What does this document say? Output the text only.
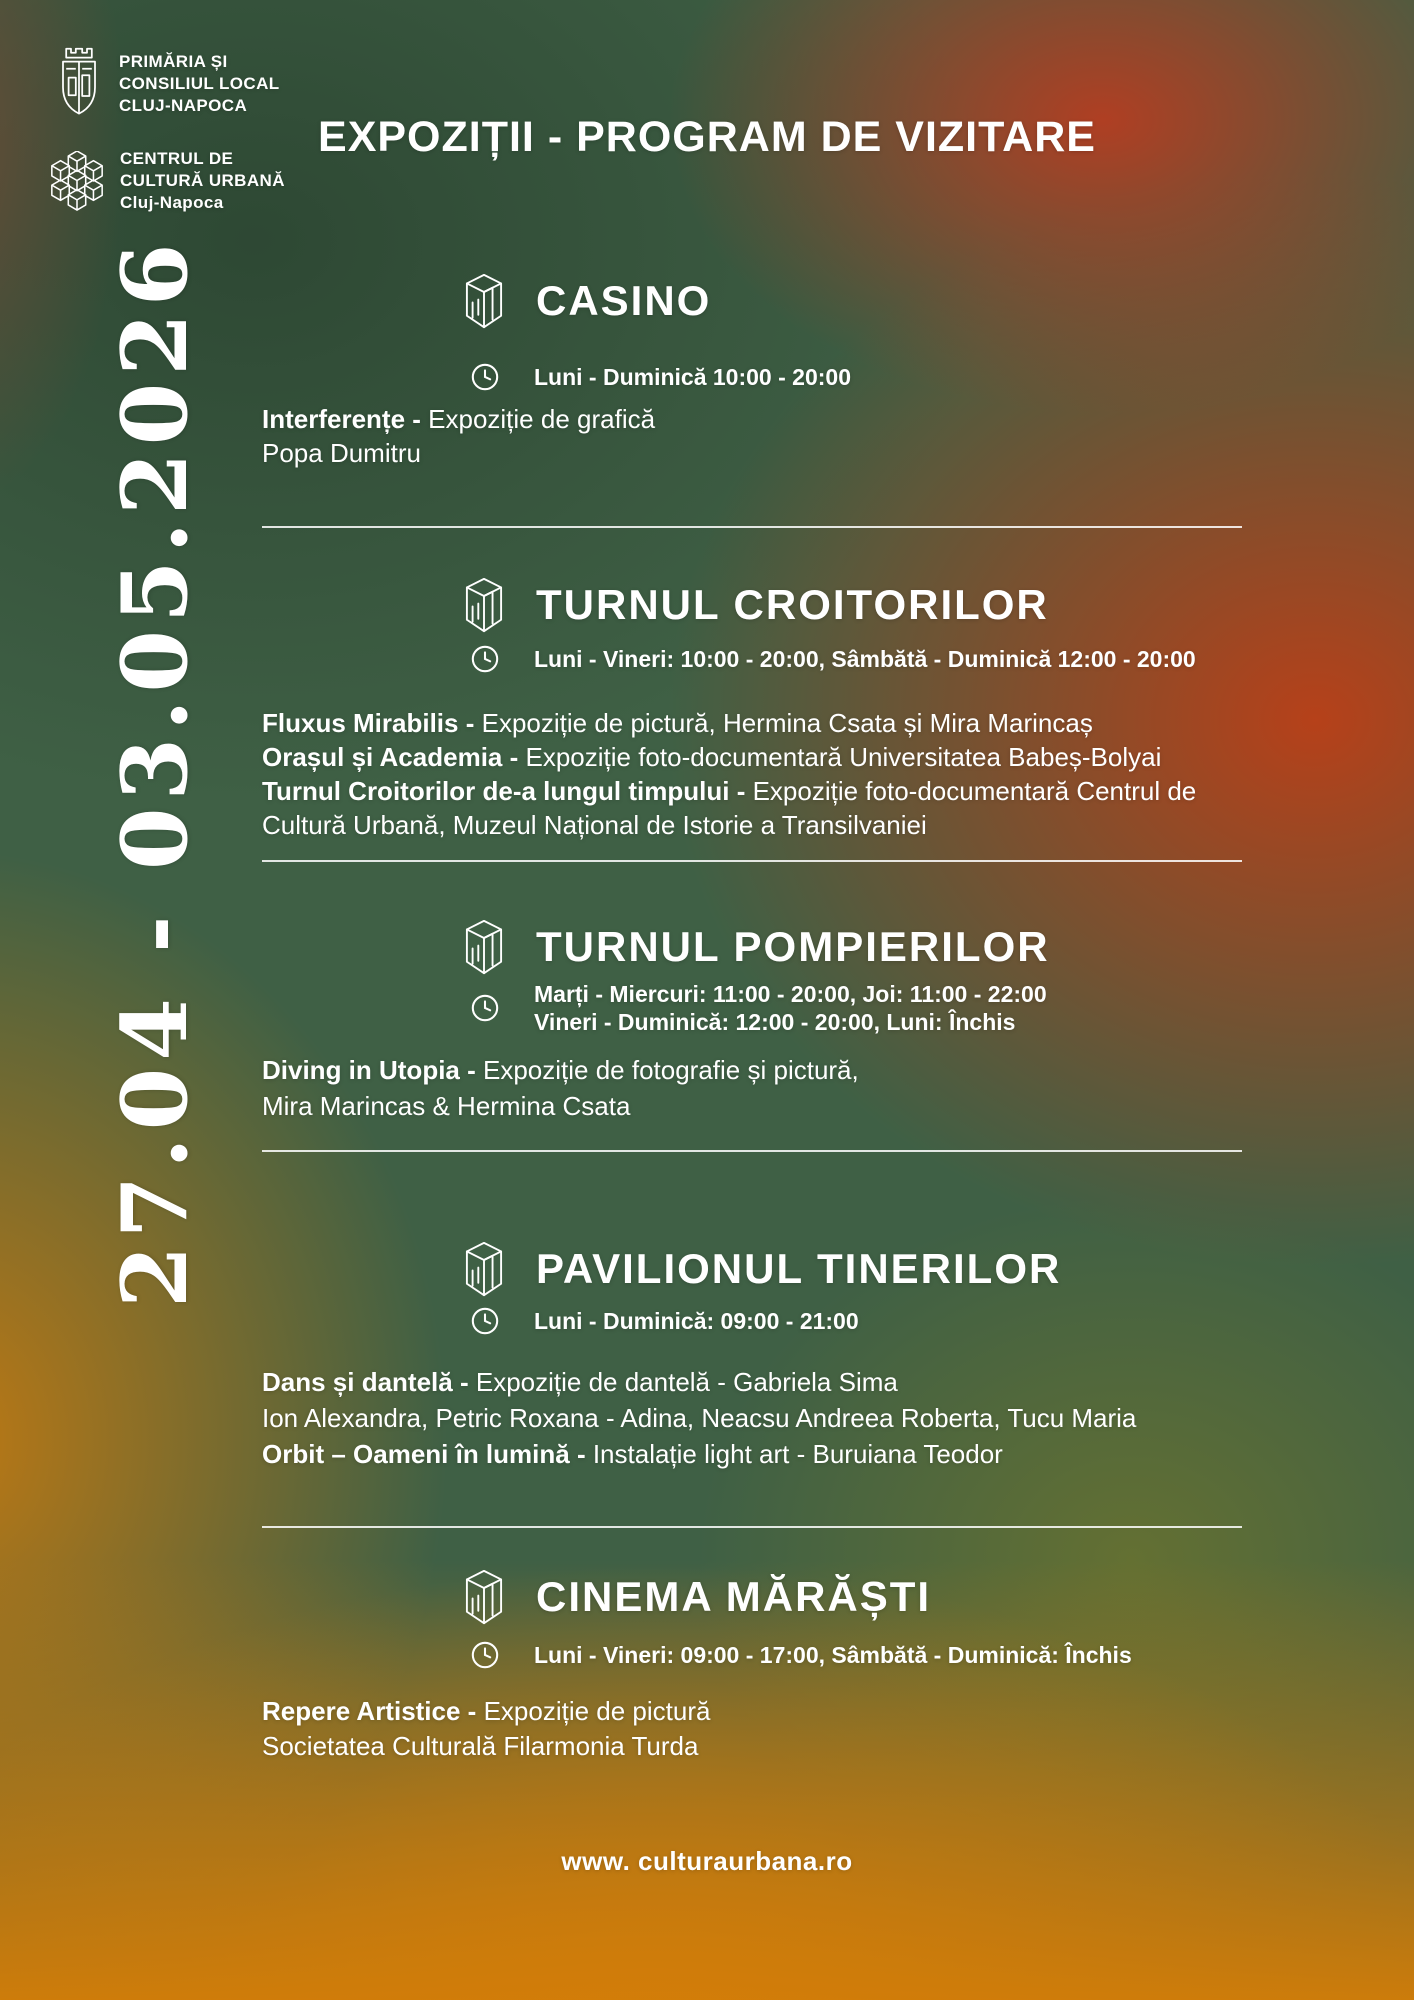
PRIMĂRIA ȘI
CONSILIUL LOCAL
CLUJ-NAPOCA
CENTRUL DE
CULTURĂ URBANĂ
Cluj-Napoca
EXPOZIȚII - PROGRAM DE VIZITARE
27.04 - 03.05.2026	CASINO
Luni - Duminică 10:00 - 20:00

Interferențe - Expoziție de grafică

Popa Dumitru

TURNUL CROITORILOR
Luni - Vineri: 10:00 - 20:00, Sâmbătă - Duminică 12:00 - 20:00

Fluxus Mirabilis - Expoziție de pictură, Hermina Csata și Mira Marincaș

Orașul și Academia - Expoziție foto-documentară Universitatea Babeș-Bolyai

Turnul Croitorilor de-a lungul timpului - Expoziție foto-documentară Centrul de

Cultură Urbană, Muzeul Național de Istorie a Transilvaniei

TURNUL POMPIERILOR
Marți - Miercuri: 11:00 - 20:00, Joi: 11:00 - 22:00
Vineri - Duminică: 12:00 - 20:00, Luni: Închis

Diving in Utopia - Expoziție de fotografie și pictură,

Mira Marincas & Hermina Csata

PAVILIONUL TINERILOR
Luni - Duminică: 09:00 - 21:00

Dans și dantelă - Expoziție de dantelă - Gabriela Sima

Ion Alexandra, Petric Roxana - Adina, Neacsu Andreea Roberta, Tucu Maria

Orbit – Oameni în lumină - Instalație light art - Buruiana Teodor

CINEMA MĂRĂȘTI
Luni - Vineri: 09:00 - 17:00, Sâmbătă - Duminică: Închis

Repere Artistice - Expoziție de pictură

Societatea Culturală Filarmonia Turda

www. culturaurbana.ro
